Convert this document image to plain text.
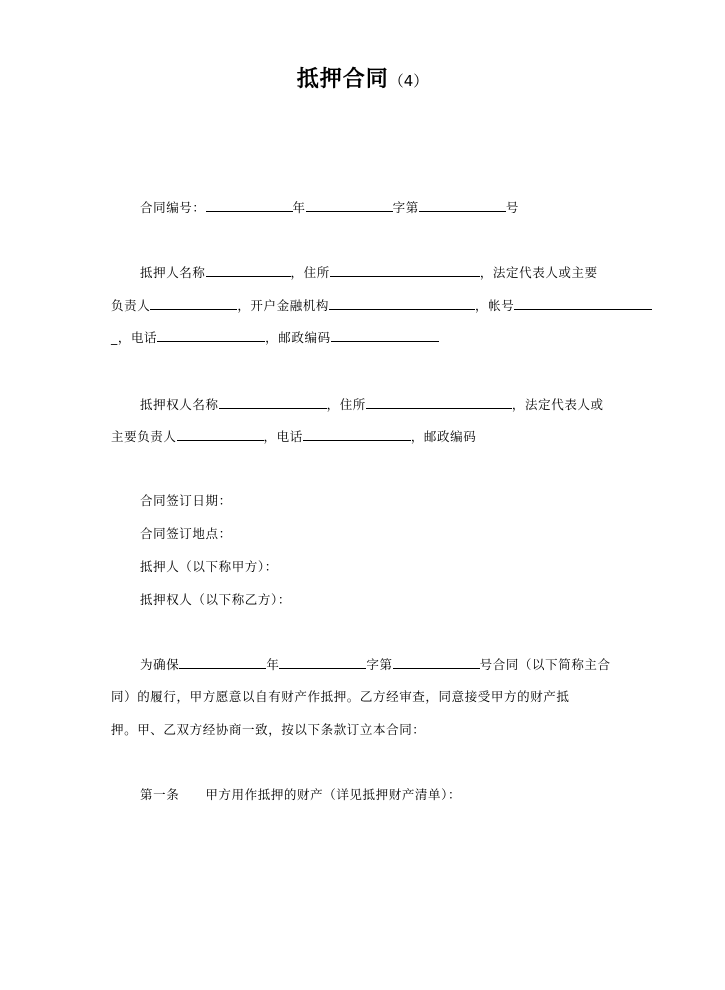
抵押合同（4）
合同编号：	年	字第	号
抵押人名称	，住所	，法定代表人或主要
负责人	，开户金融机构	，帐号
_，电话	，邮政编码
抵押权人名称	，住所	，法定代表人或
主要负责人	，电话	，邮政编码
合同签订日期：
合同签订地点：
抵押人（以下称甲方）：
抵押权人（以下称乙方）：
为确保	年	字第	号合同（以下简称主合
同）的履行，甲方愿意以自有财产作抵押。乙方经审查，同意接受甲方的财产抵
押。甲、乙双方经协商一致，按以下条款订立本合同：
第一条 甲方用作抵押的财产（详见抵押财产清单）：
